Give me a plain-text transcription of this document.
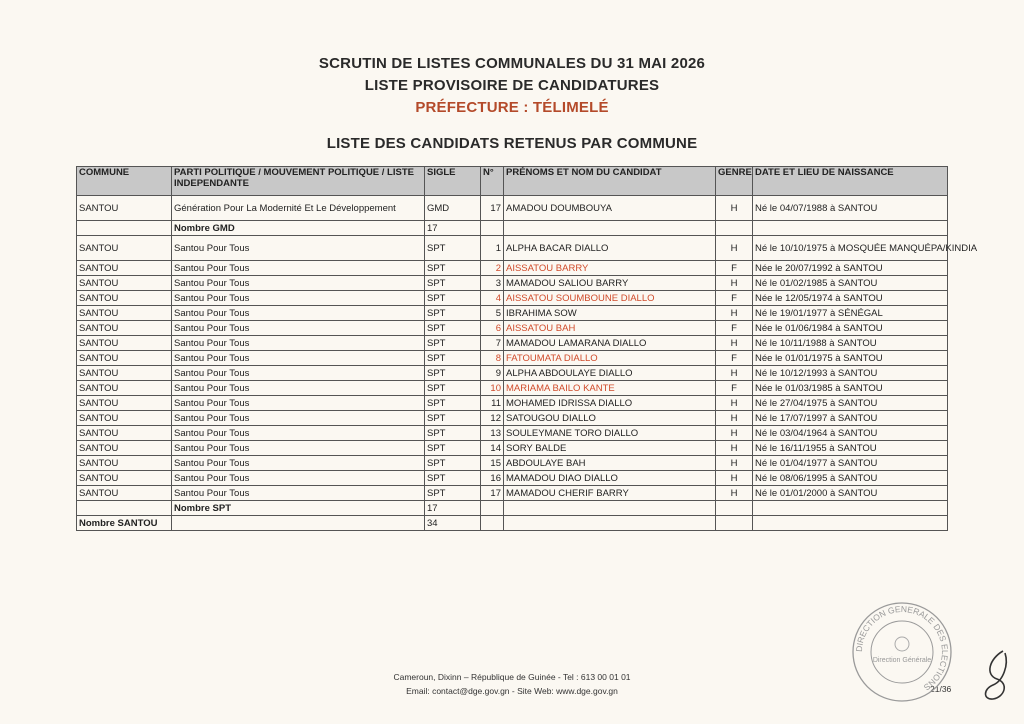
SCRUTIN DE LISTES COMMUNALES DU 31 MAI 2026
LISTE PROVISOIRE DE CANDIDATURES
PRÉFECTURE : TÉLIMELÉ
LISTE DES CANDIDATS RETENUS PAR COMMUNE
COMMUNE	PARTI POLITIQUE / MOUVEMENT POLITIQUE / LISTE INDEPENDANTE	SIGLE	N°	PRÉNOMS ET NOM DU CANDIDAT	GENRE	DATE ET LIEU DE NAISSANCE
SANTOU	Génération Pour La Modernité Et Le Développement	GMD	17	AMADOU DOUMBOUYA	H	Né le 04/07/1988 à SANTOU
	Nombre GMD	17				
SANTOU	Santou Pour Tous	SPT	1	ALPHA BACAR DIALLO	H	Né le 10/10/1975 à MOSQUÉE MANQUÉPA/KINDIA
SANTOU	Santou Pour Tous	SPT	2	AISSATOU BARRY	F	Née le 20/07/1992 à SANTOU
SANTOU	Santou Pour Tous	SPT	3	MAMADOU SALIOU BARRY	H	Né le 01/02/1985 à SANTOU
SANTOU	Santou Pour Tous	SPT	4	AISSATOU SOUMBOUNE DIALLO	F	Née le 12/05/1974 à SANTOU
SANTOU	Santou Pour Tous	SPT	5	IBRAHIMA SOW	H	Né le 19/01/1977 à SÉNÉGAL
SANTOU	Santou Pour Tous	SPT	6	AISSATOU BAH	F	Née le 01/06/1984 à SANTOU
SANTOU	Santou Pour Tous	SPT	7	MAMADOU LAMARANA DIALLO	H	Né le 10/11/1988 à SANTOU
SANTOU	Santou Pour Tous	SPT	8	FATOUMATA DIALLO	F	Née le 01/01/1975 à SANTOU
SANTOU	Santou Pour Tous	SPT	9	ALPHA ABDOULAYE DIALLO	H	Né le 10/12/1993 à SANTOU
SANTOU	Santou Pour Tous	SPT	10	MARIAMA BAILO KANTE	F	Née le 01/03/1985 à SANTOU
SANTOU	Santou Pour Tous	SPT	11	MOHAMED IDRISSA DIALLO	H	Né le 27/04/1975 à SANTOU
SANTOU	Santou Pour Tous	SPT	12	SATOUGOU DIALLO	H	Né le 17/07/1997 à SANTOU
SANTOU	Santou Pour Tous	SPT	13	SOULEYMANE TORO DIALLO	H	Né le 03/04/1964 à SANTOU
SANTOU	Santou Pour Tous	SPT	14	SORY BALDE	H	Né le 16/11/1955 à SANTOU
SANTOU	Santou Pour Tous	SPT	15	ABDOULAYE BAH	H	Né le 01/04/1977 à SANTOU
SANTOU	Santou Pour Tous	SPT	16	MAMADOU DIAO DIALLO	H	Né le 08/06/1995 à SANTOU
SANTOU	Santou Pour Tous	SPT	17	MAMADOU CHERIF BARRY	H	Né le 01/01/2000 à SANTOU
	Nombre SPT	17				
Nombre SANTOU		34				
Cameroun, Dixinn – République de Guinée - Tel : 613 00 01 01
Email: contact@dge.gov.gn - Site Web: www.dge.gov.gn	21/36
DIRECTION GENERALE DES ELECTIONS
Direction Générale
